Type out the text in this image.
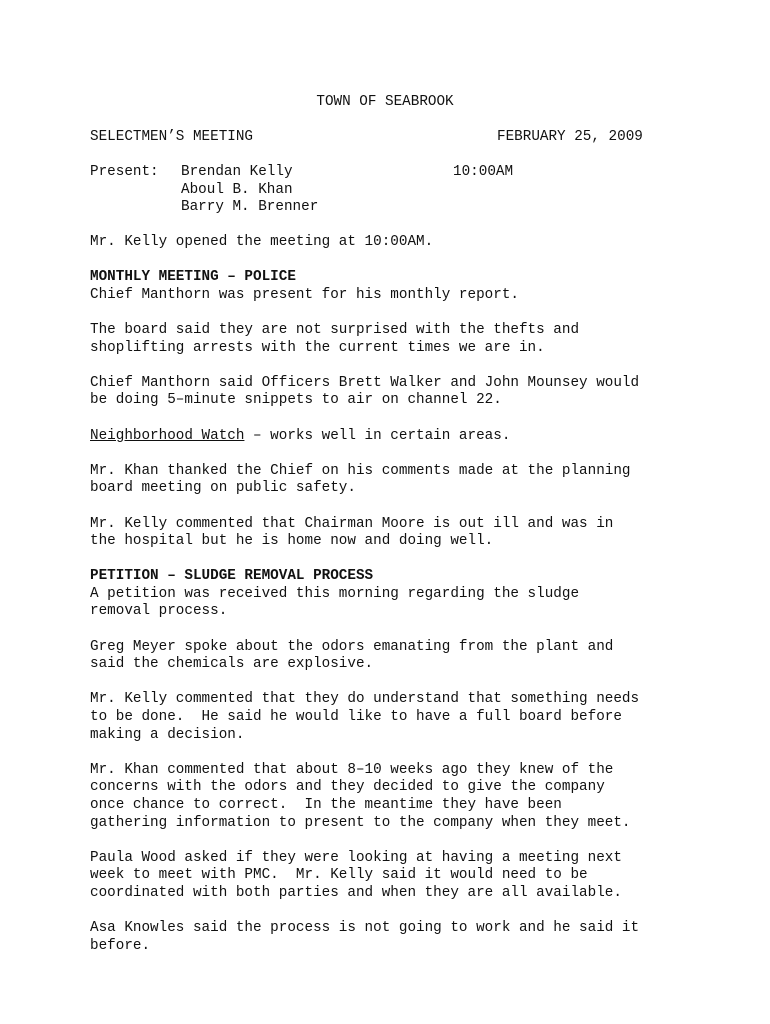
TOWN OF SEABROOK
SELECTMEN’S MEETING	FEBRUARY 25, 2009
Present: Brendan Kelly
Aboul B. Khan
Barry M. Brenner
10:00AM

Mr. Kelly opened the meeting at 10:00AM.

MONTHLY MEETING – POLICE

Chief Manthorn was present for his monthly report.

The board said they are not surprised with the thefts and
shoplifting arrests with the current times we are in.

Chief Manthorn said Officers Brett Walker and John Mounsey would
be doing 5–minute snippets to air on channel 22.

Neighborhood Watch – works well in certain areas.

Mr. Khan thanked the Chief on his comments made at the planning
board meeting on public safety.

Mr. Kelly commented that Chairman Moore is out ill and was in
the hospital but he is home now and doing well.

PETITION – SLUDGE REMOVAL PROCESS

A petition was received this morning regarding the sludge
removal process.

Greg Meyer spoke about the odors emanating from the plant and
said the chemicals are explosive.

Mr. Kelly commented that they do understand that something needs
to be done.  He said he would like to have a full board before
making a decision.

Mr. Khan commented that about 8–10 weeks ago they knew of the
concerns with the odors and they decided to give the company
once chance to correct.  In the meantime they have been
gathering information to present to the company when they meet.

Paula Wood asked if they were looking at having a meeting next
week to meet with PMC.  Mr. Kelly said it would need to be
coordinated with both parties and when they are all available.

Asa Knowles said the process is not going to work and he said it
before.
